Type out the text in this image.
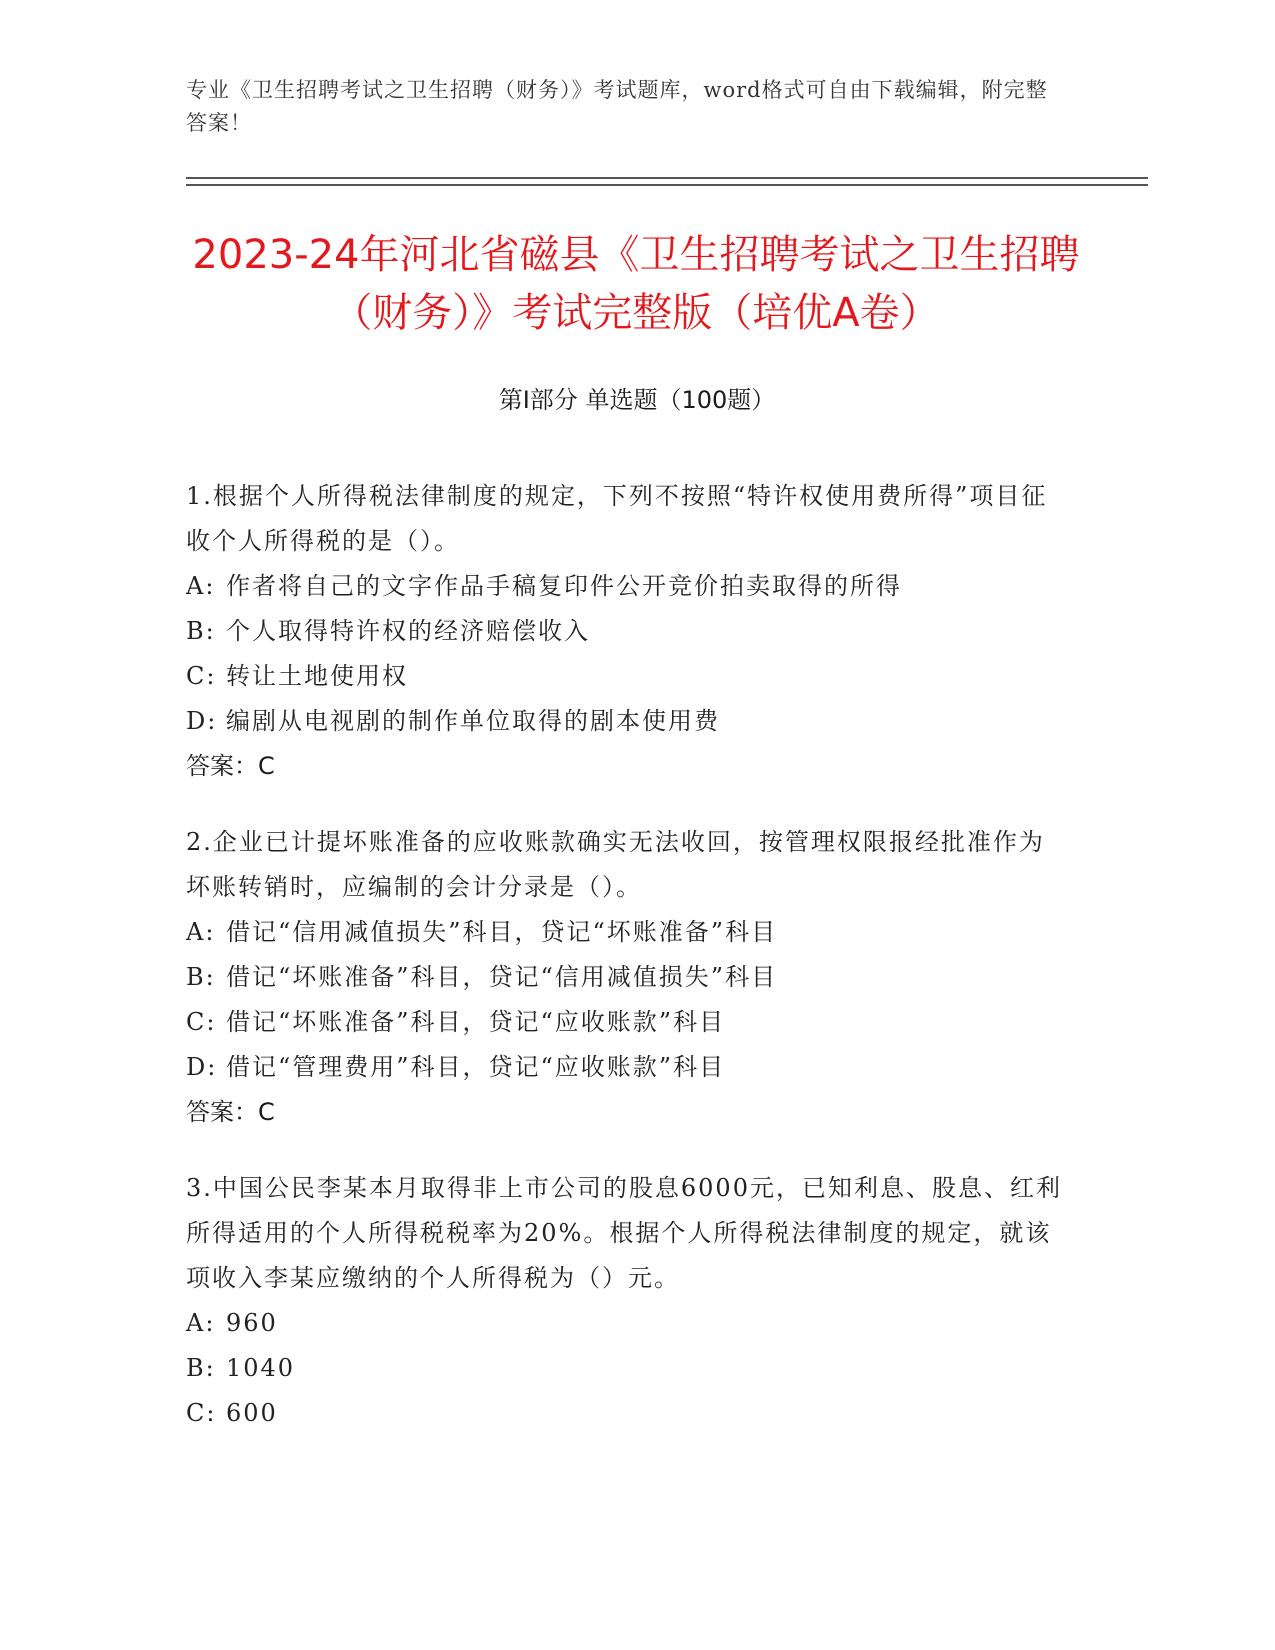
专业《卫生招聘考试之卫生招聘（财务）》考试题库，word格式可自由下载编辑，附完整答案！
2023-24年河北省磁县《卫生招聘考试之卫生招聘（财务）》考试完整版（培优A卷）
第Ⅰ部分 单选题（100题）
1.根据个人所得税法律制度的规定，下列不按照“特许权使用费所得”项目征收个人所得税的是（）。
A: 作者将自己的文字作品手稿复印件公开竞价拍卖取得的所得
B: 个人取得特许权的经济赔偿收入
C: 转让土地使用权
D: 编剧从电视剧的制作单位取得的剧本使用费
答案：C
2.企业已计提坏账准备的应收账款确实无法收回，按管理权限报经批准作为坏账转销时，应编制的会计分录是（）。
A: 借记“信用减值损失”科目，贷记“坏账准备”科目
B: 借记“坏账准备”科目，贷记“信用减值损失”科目
C: 借记“坏账准备”科目，贷记“应收账款”科目
D: 借记“管理费用”科目，贷记“应收账款”科目
答案：C
3.中国公民李某本月取得非上市公司的股息6000元，已知利息、股息、红利所得适用的个人所得税税率为20%。根据个人所得税法律制度的规定，就该项收入李某应缴纳的个人所得税为（）元。
A: 960
B: 1040
C: 600
